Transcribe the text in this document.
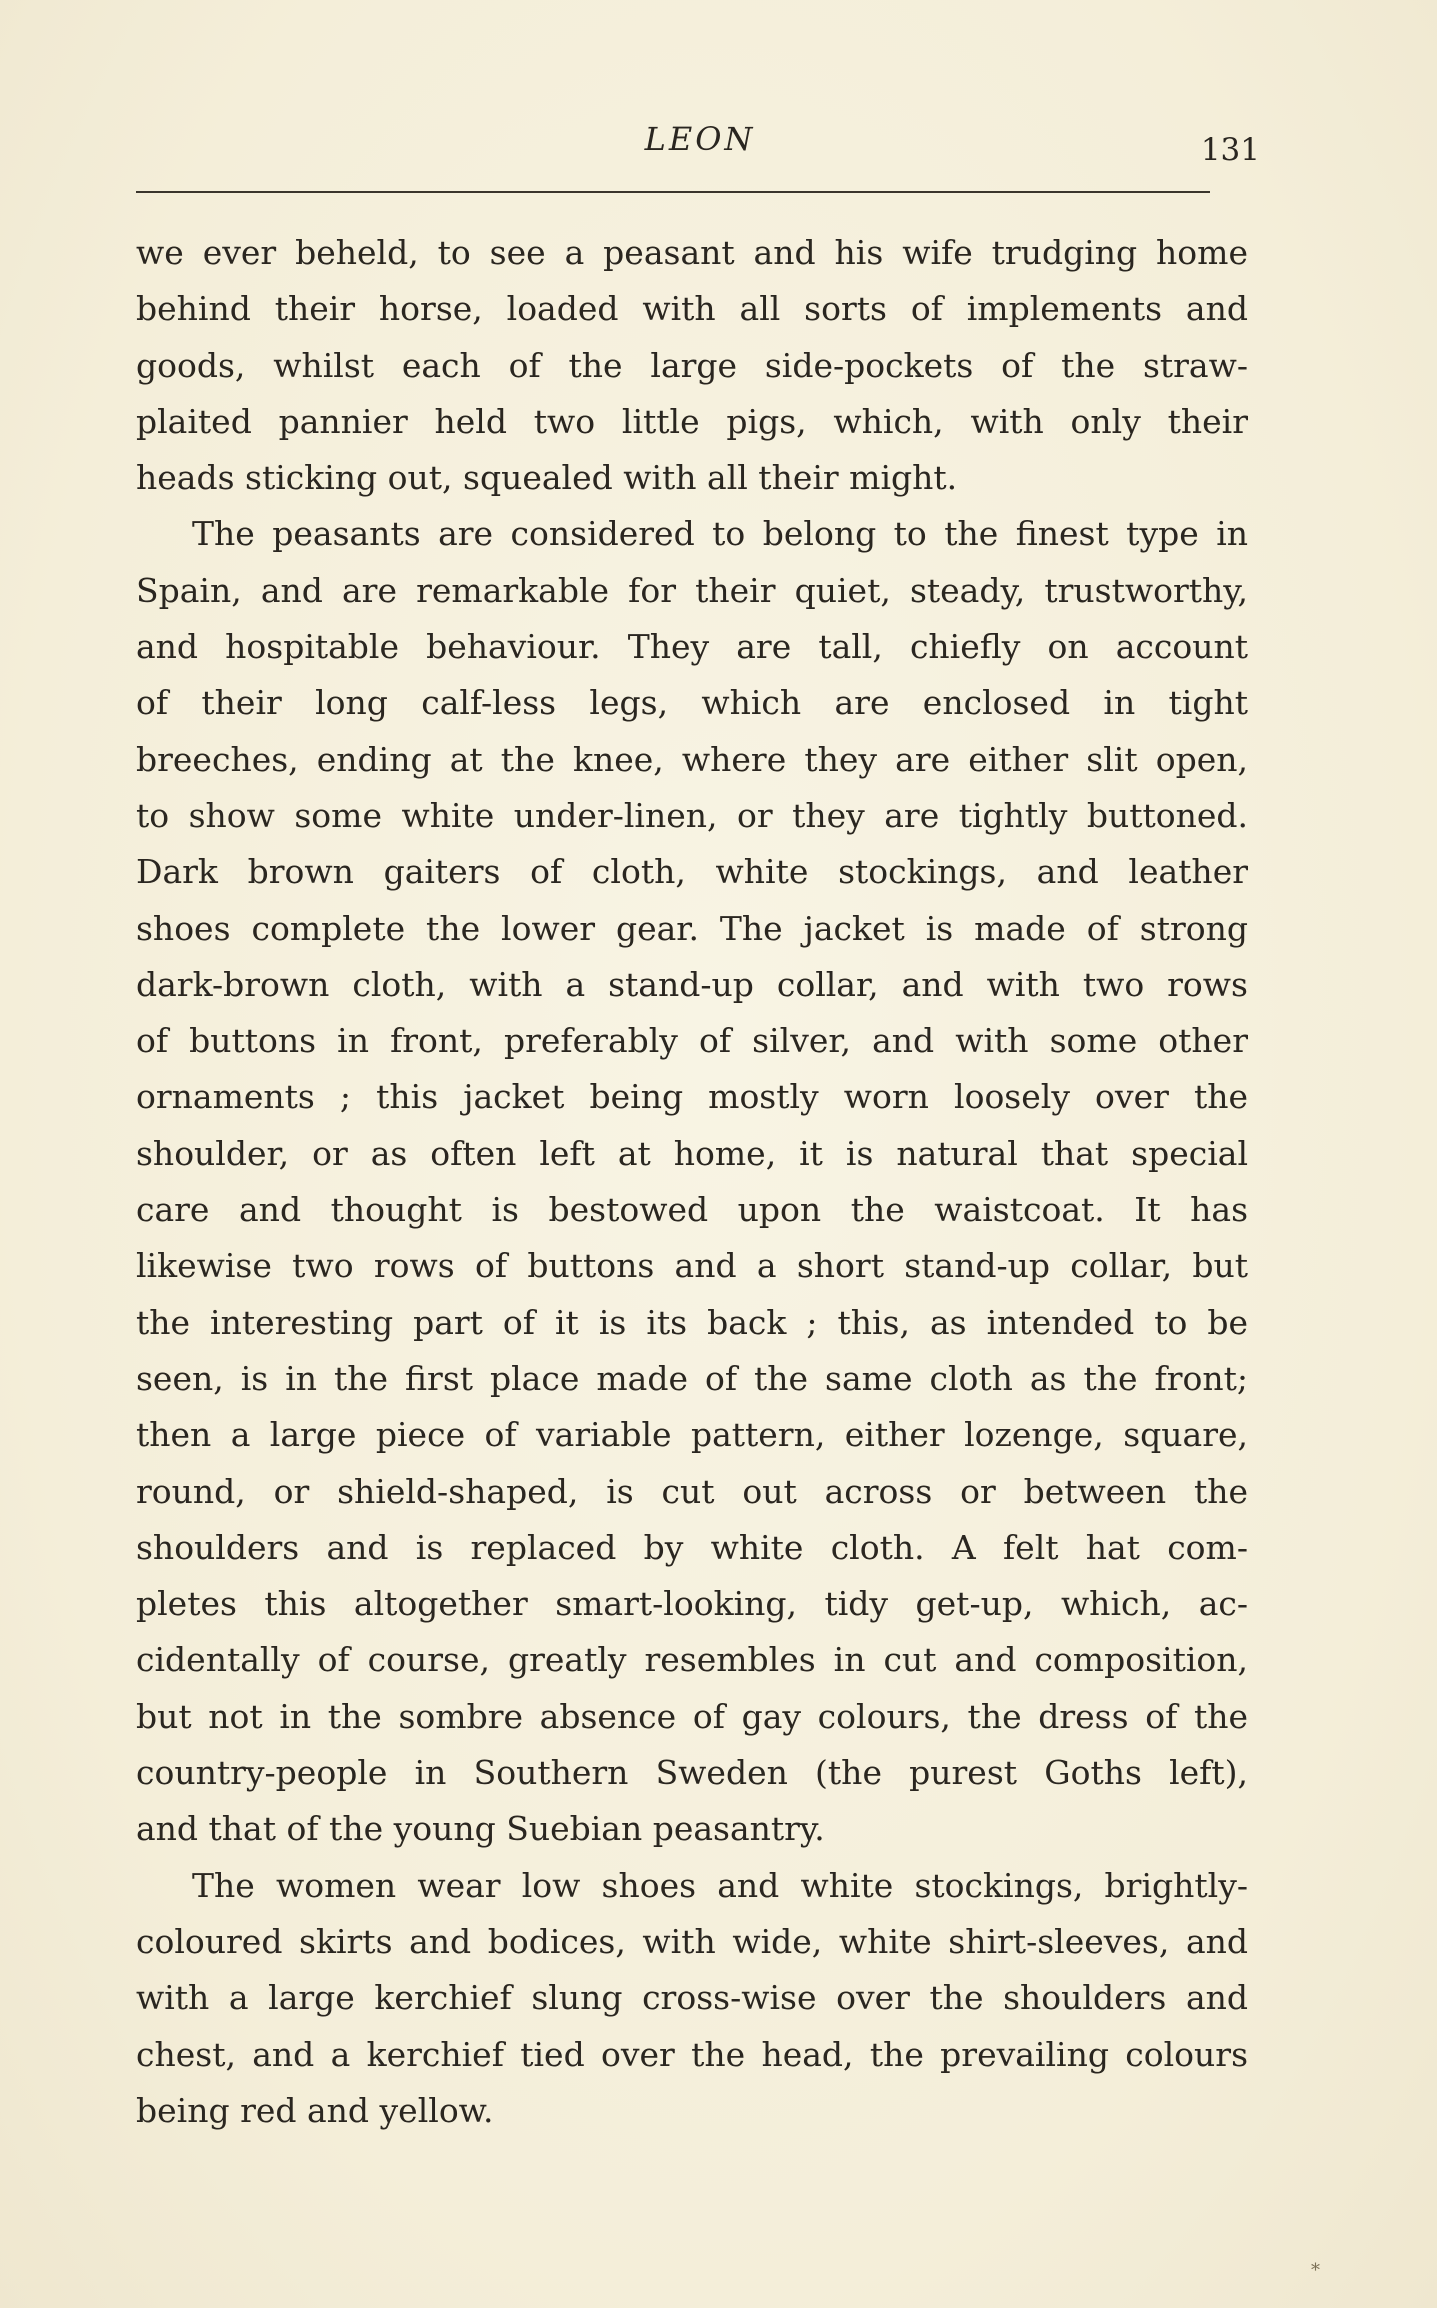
LEON	131
we ever beheld, to see a peasant and his wife trudging home
behind their horse, loaded with all sorts of implements and
goods, whilst each of the large side-pockets of the straw-
plaited pannier held two little pigs, which, with only their
heads sticking out, squealed with all their might.
The peasants are considered to belong to the finest type in
Spain, and are remarkable for their quiet, steady, trustworthy,
and hospitable behaviour. They are tall, chiefly on account
of their long calf-less legs, which are enclosed in tight
breeches, ending at the knee, where they are either slit open,
to show some white under-linen, or they are tightly buttoned.
Dark brown gaiters of cloth, white stockings, and leather
shoes complete the lower gear. The jacket is made of strong
dark-brown cloth, with a stand-up collar, and with two rows
of buttons in front, preferably of silver, and with some other
ornaments ; this jacket being mostly worn loosely over the
shoulder, or as often left at home, it is natural that special
care and thought is bestowed upon the waistcoat. It has
likewise two rows of buttons and a short stand-up collar, but
the interesting part of it is its back ; this, as intended to be
seen, is in the first place made of the same cloth as the front;
then a large piece of variable pattern, either lozenge, square,
round, or shield-shaped, is cut out across or between the
shoulders and is replaced by white cloth. A felt hat com-
pletes this altogether smart-looking, tidy get-up, which, ac-
cidentally of course, greatly resembles in cut and composition,
but not in the sombre absence of gay colours, the dress of the
country-people in Southern Sweden (the purest Goths left),
and that of the young Suebian peasantry.
The women wear low shoes and white stockings, brightly-
coloured skirts and bodices, with wide, white shirt-sleeves, and
with a large kerchief slung cross-wise over the shoulders and
chest, and a kerchief tied over the head, the prevailing colours
being red and yellow.
*
